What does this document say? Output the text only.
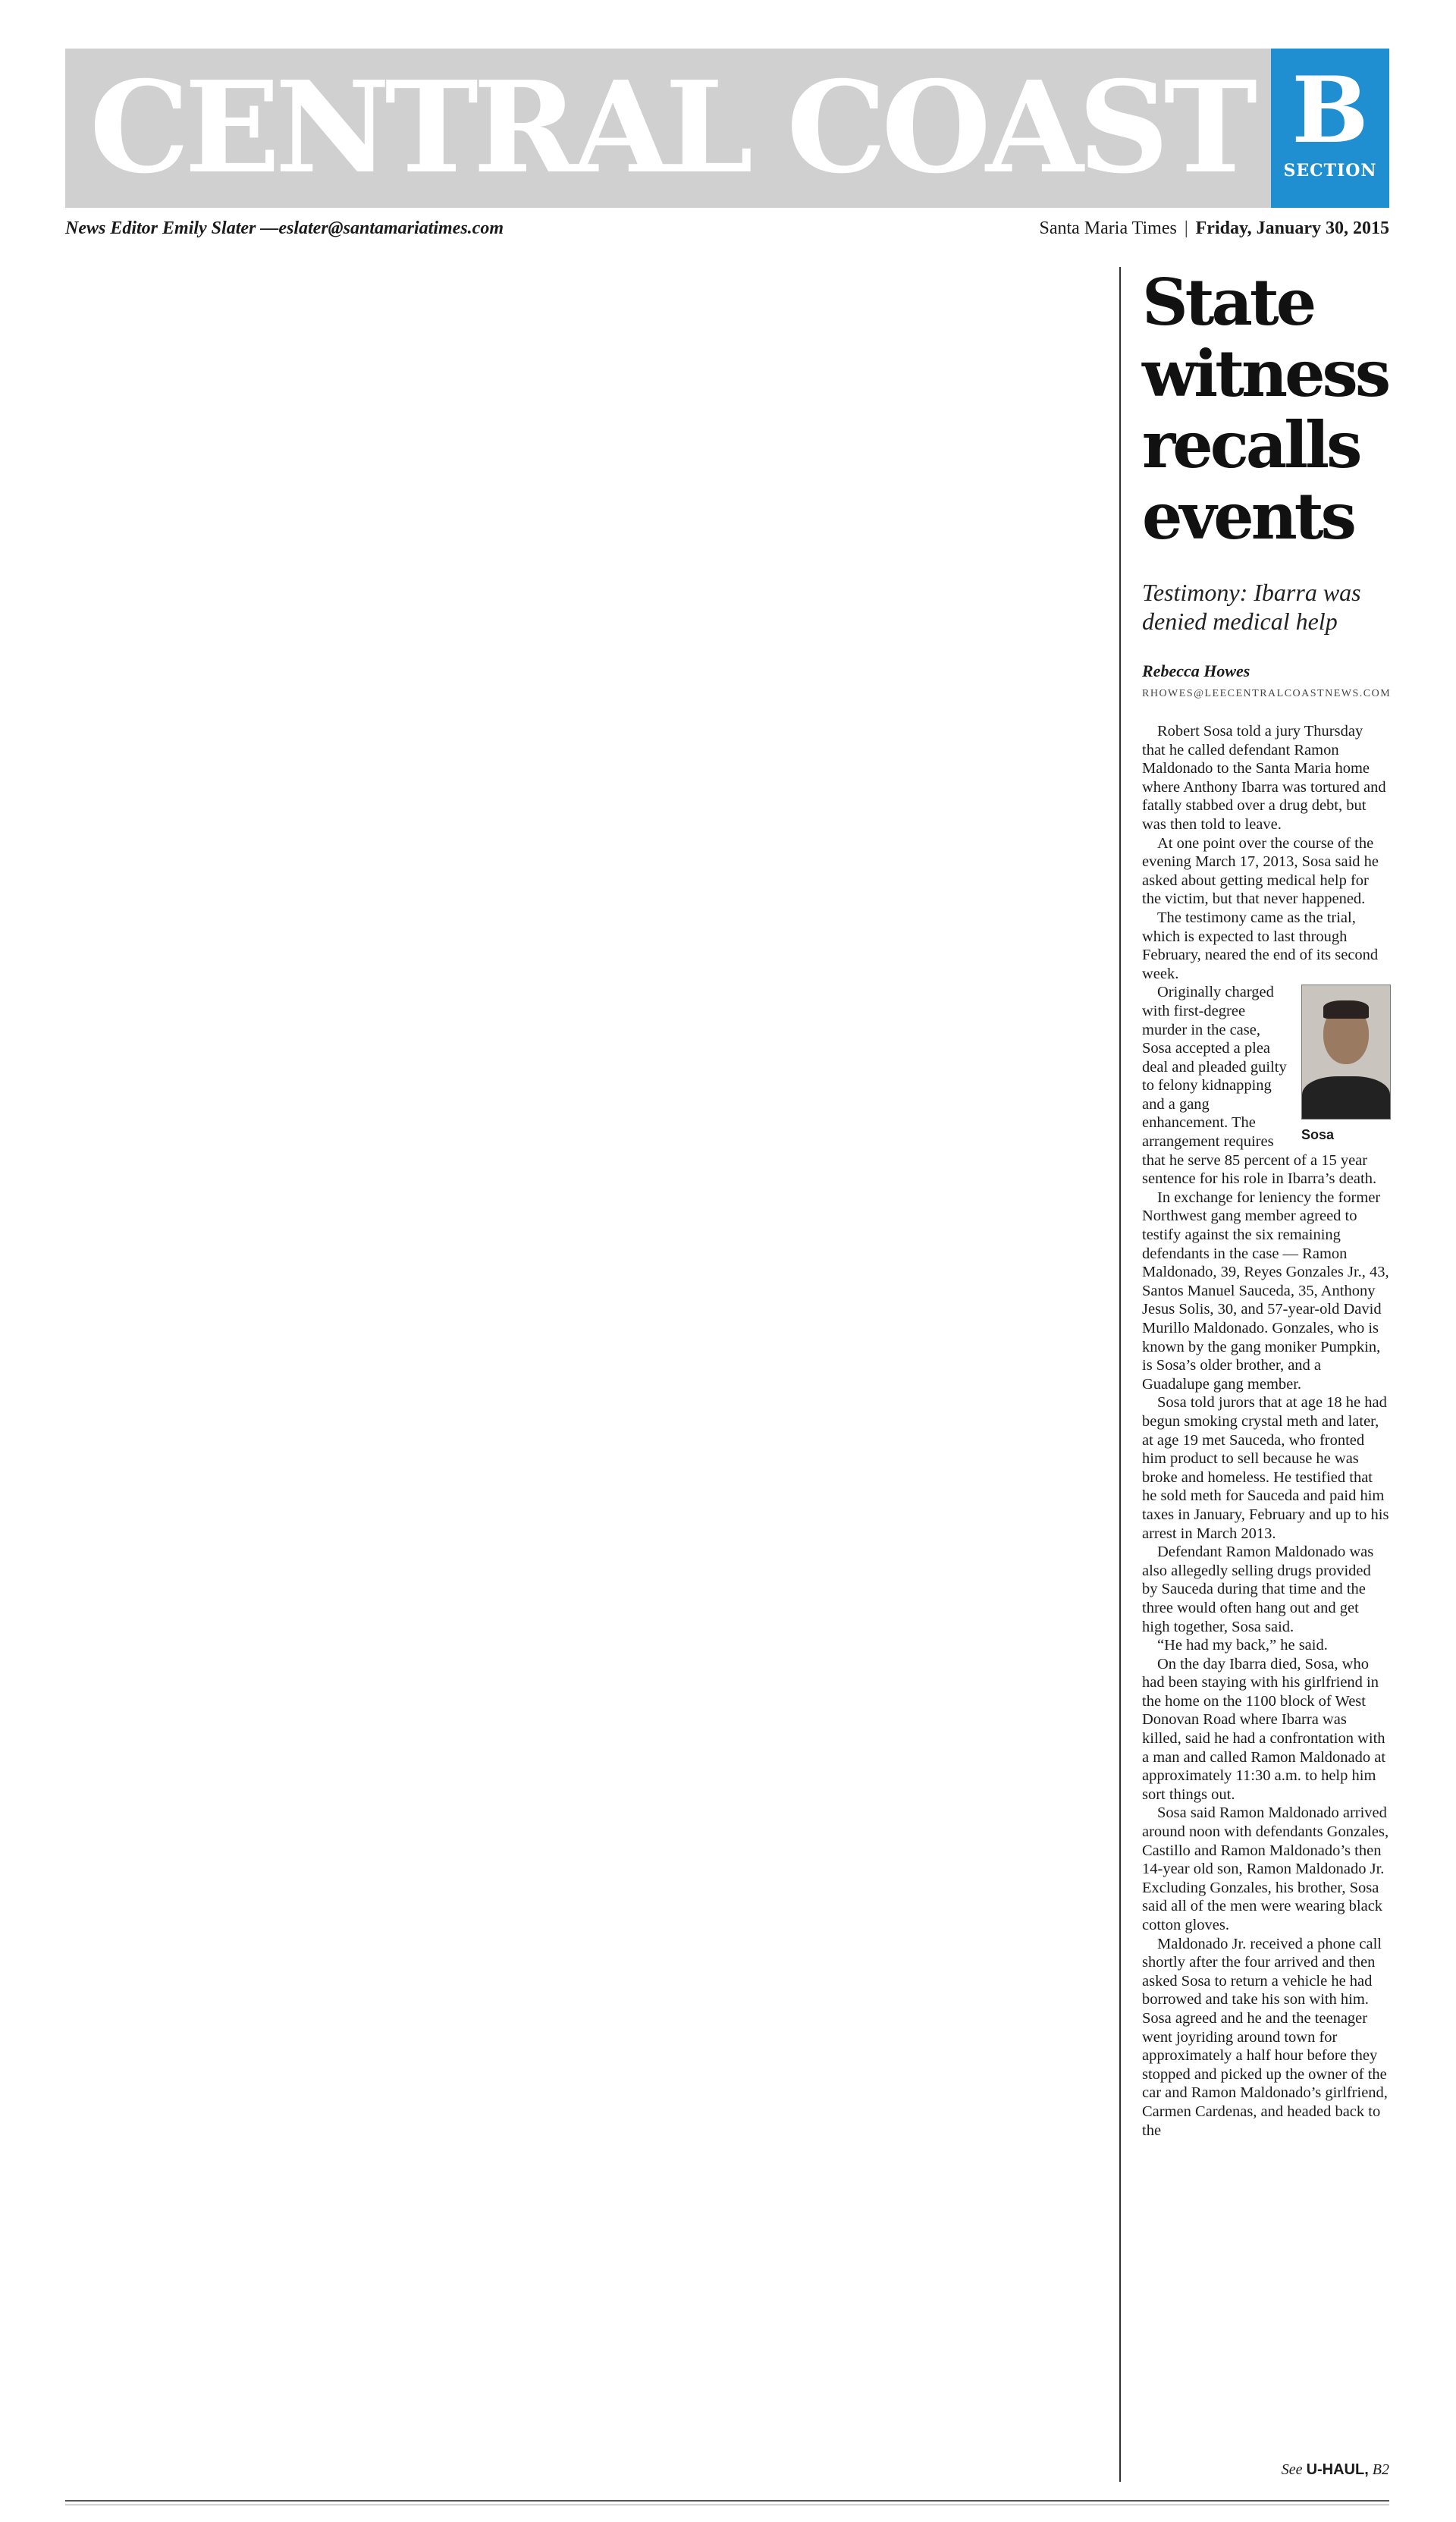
CENTRAL COAST B
SECTION
News Editor Emily Slater —eslater@santamariatimes.com	Santa Maria Times | Friday, January 30, 2015
State
witness
recalls
events

Testimony: Ibarra was denied medical help

Rebecca Howes
RHOWES@LEECENTRALCOASTNEWS.COM

Robert Sosa told a jury Thursday that he called defendant Ramon Maldonado to the Santa Maria home where Anthony Ibarra was tortured and fatally stabbed over a drug debt, but was then told to leave.

At one point over the course of the evening March 17, 2013, Sosa said he asked about getting medical help for the victim, but that never happened.

The testimony came as the trial, which is expected to last through February, neared the end of its second week.

Sosa

Originally charged with first-degree murder in the case, Sosa accepted a plea deal and pleaded guilty to felony kidnapping and a gang enhancement. The arrangement requires that he serve 85 percent of a 15 year sentence for his role in Ibarra’s death.

In exchange for leniency the former Northwest gang member agreed to testify against the six remaining defendants in the case — Ramon Maldonado, 39, Reyes Gonzales Jr., 43, Santos Manuel Sauceda, 35, Anthony Jesus Solis, 30, and 57-year-old David Murillo Maldonado. Gonzales, who is known by the gang moniker Pumpkin, is Sosa’s older brother, and a Guadalupe gang member.

Sosa told jurors that at age 18 he had begun smoking crystal meth and later, at age 19 met Sauceda, who fronted him product to sell because he was broke and homeless. He testified that he sold meth for Sauceda and paid him taxes in January, February and up to his arrest in March 2013.

Defendant Ramon Maldonado was also allegedly selling drugs provided by Sauceda during that time and the three would often hang out and get high together, Sosa said.

“He had my back,” he said.

On the day Ibarra died, Sosa, who had been staying with his girlfriend in the home on the 1100 block of West Donovan Road where Ibarra was killed, said he had a confrontation with a man and called Ramon Maldonado at approximately 11:30 a.m. to help him sort things out.

Sosa said Ramon Maldonado arrived around noon with defendants Gonzales, Castillo and Ramon Maldonado’s then 14-year old son, Ramon Maldonado Jr. Excluding Gonzales, his brother, Sosa said all of the men were wearing black cotton gloves.

Maldonado Jr. received a phone call shortly after the four arrived and then asked Sosa to return a vehicle he had borrowed and take his son with him. Sosa agreed and he and the teenager went joyriding around town for approximately a half hour before they stopped and picked up the owner of the car and Ramon Maldonado’s girlfriend, Carmen Cardenas, and headed back to the

See U-HAUL, B2
